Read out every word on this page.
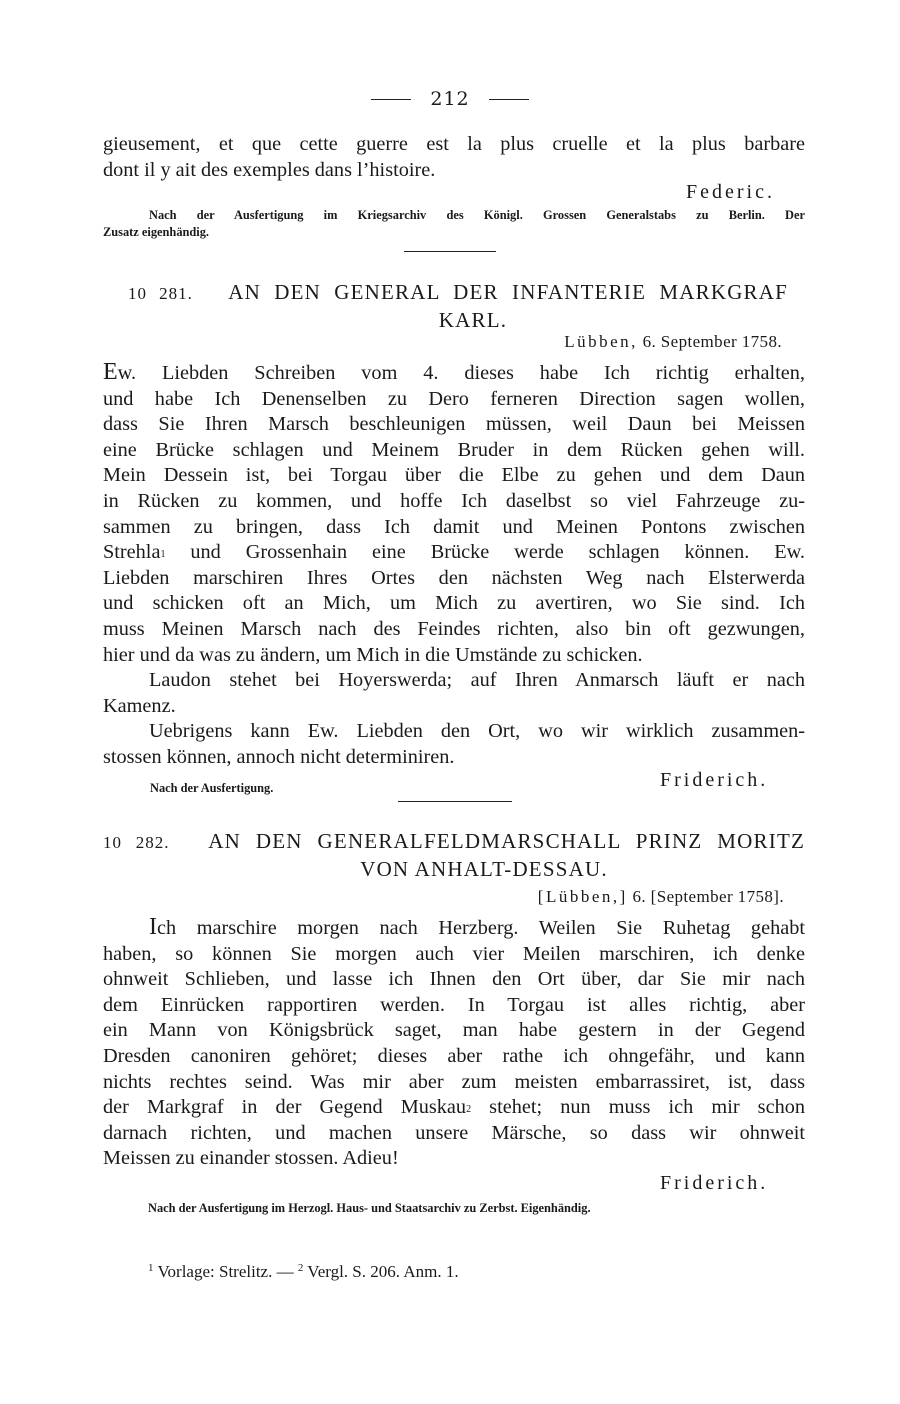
212
gieusement, et que cette guerre est la plus cruelle et la plus barbare
dont il y ait des exemples dans l’histoire.
Federic.
Nach der Ausfertigung im Kriegsarchiv des Königl. Grossen Generalstabs zu Berlin. Der
Zusatz eigenhändig.
10 281. AN DEN GENERAL DER INFANTERIE MARKGRAF
KARL.
Lübben, 6. September 1758.
Ew. Liebden Schreiben vom 4. dieses habe Ich richtig erhalten,
und habe Ich Denenselben zu Dero ferneren Direction sagen wollen,
dass Sie Ihren Marsch beschleunigen müssen, weil Daun bei Meissen
eine Brücke schlagen und Meinem Bruder in dem Rücken gehen will.
Mein Dessein ist, bei Torgau über die Elbe zu gehen und dem Daun
in Rücken zu kommen, und hoffe Ich daselbst so viel Fahrzeuge zu-
sammen zu bringen, dass Ich damit und Meinen Pontons zwischen
Strehla$^1$ und Grossenhain eine Brücke werde schlagen können. Ew.
Liebden marschiren Ihres Ortes den nächsten Weg nach Elsterwerda
und schicken oft an Mich, um Mich zu avertiren, wo Sie sind. Ich
muss Meinen Marsch nach des Feindes richten, also bin oft gezwungen,
hier und da was zu ändern, um Mich in die Umstände zu schicken.
Laudon stehet bei Hoyerswerda; auf Ihren Anmarsch läuft er nach
Kamenz.
Uebrigens kann Ew. Liebden den Ort, wo wir wirklich zusammen-
stossen können, annoch nicht determiniren.
Nach der Ausfertigung.	Friderich.
10 282. AN DEN GENERALFELDMARSCHALL PRINZ MORITZ
VON ANHALT-DESSAU.
[Lübben,] 6. [September 1758].
Ich marschire morgen nach Herzberg. Weilen Sie Ruhetag gehabt
haben, so können Sie morgen auch vier Meilen marschiren, ich denke
ohnweit Schlieben, und lasse ich Ihnen den Ort über, dar Sie mir nach
dem Einrücken rapportiren werden. In Torgau ist alles richtig, aber
ein Mann von Königsbrück saget, man habe gestern in der Gegend
Dresden canoniren gehöret; dieses aber rathe ich ohngefähr, und kann
nichts rechtes seind. Was mir aber zum meisten embarrassiret, ist, dass
der Markgraf in der Gegend Muskau$^2$ stehet; nun muss ich mir schon
darnach richten, und machen unsere Märsche, so dass wir ohnweit
Meissen zu einander stossen. Adieu!
Friderich.
Nach der Ausfertigung im Herzogl. Haus- und Staatsarchiv zu Zerbst. Eigenhändig.
$^1$ Vorlage: Strelitz. — $^2$ Vergl. S. 206. Anm. 1.
